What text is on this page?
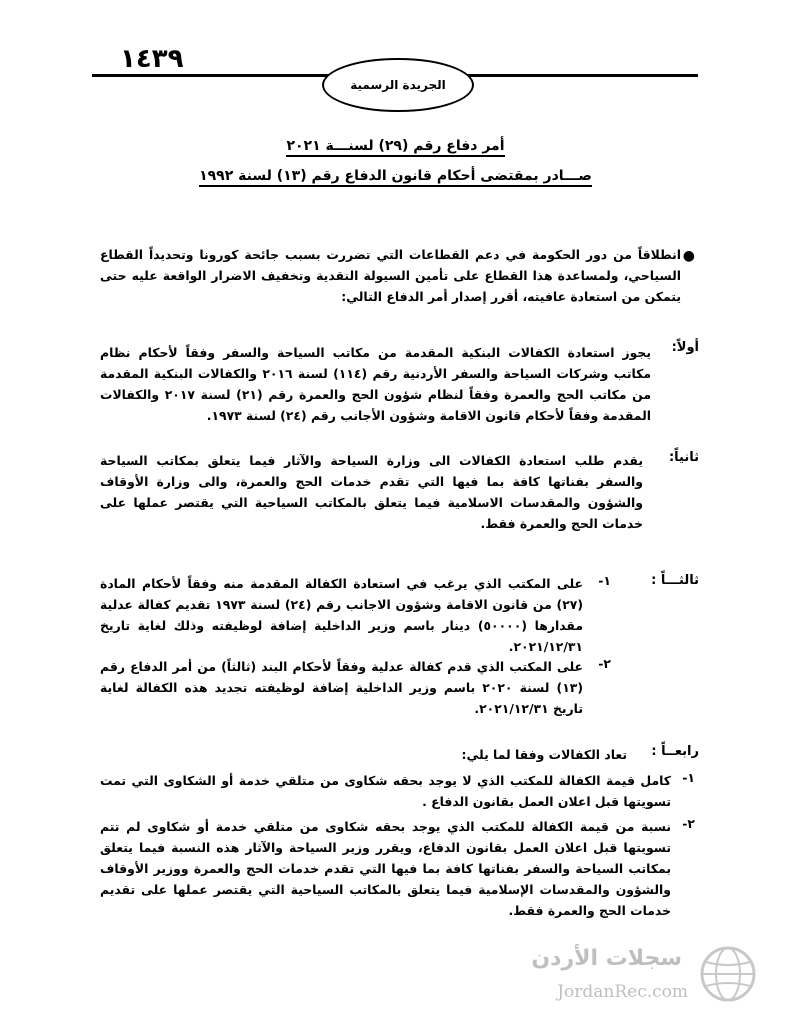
١٤٣٩
الجريدة الرسمية
أمر دفاع رقم (٢٩) لسنـــة ٢٠٢١
صـــادر بمقتضى أحكام قانون الدفاع رقم (١٣) لسنة ١٩٩٢
●
انطلاقاً من دور الحكومة في دعم القطاعات التي تضررت بسبب جائحة كورونا وتحديداً القطاع السياحي، ولمساعدة هذا القطاع على تأمين السيولة النقدية وتخفيف الاضرار الواقعة عليه حتى يتمكن من استعادة عافيته، أقرر إصدار أمر الدفاع التالي:
أولاً:
يجوز استعادة الكفالات البنكية المقدمة من مكاتب السياحة والسفر وفقاً لأحكام نظام مكاتب وشركات السياحة والسفر الأردنية رقم (١١٤) لسنة ٢٠١٦ والكفالات البنكية المقدمة من مكاتب الحج والعمرة وفقاً لنظام شؤون الحج والعمرة رقم (٢١) لسنة ٢٠١٧ والكفالات المقدمة وفقاً لأحكام قانون الاقامة وشؤون الأجانب رقم (٢٤) لسنة ١٩٧٣.
ثانياً:
يقدم طلب استعادة الكفالات الى وزارة السياحة والآثار فيما يتعلق بمكاتب السياحة والسفر بفناتها كافة بما فيها التي تقدم خدمات الحج والعمرة، والى وزارة الأوقاف والشؤون والمقدسات الاسلامية فيما يتعلق بالمكاتب السياحية التي يقتصر عملها على خدمات الحج والعمرة فقط.
ثالثـــاً :
١-
على المكتب الذي يرغب في استعادة الكفالة المقدمة منه وفقاً لأحكام المادة (٢٧) من قانون الاقامة وشؤون الاجانب رقم (٢٤) لسنة ١٩٧٣ تقديم كفالة عدلية مقدارها (٥٠٠٠٠) دينار باسم وزير الداخلية إضافة لوظيفته وذلك لغاية تاريخ ٢٠٢١/١٢/٣١.
٢-
على المكتب الذي قدم كفالة عدلية وفقاً لأحكام البند (ثالثاً) من أمر الدفاع رقم (١٣) لسنة ٢٠٢٠ باسم وزير الداخلية إضافة لوظيفته تجديد هذه الكفالة لغاية تاريخ ٢٠٢١/١٢/٣١.
رابعــاً :
تعاد الكفالات وفقا لما يلي:
١-
كامل قيمة الكفالة للمكتب الذي لا يوجد بحقه شكاوى من متلقي خدمة أو الشكاوى التي تمت تسويتها قبل اعلان العمل بقانون الدفاع .
٢-
نسبة من قيمة الكفالة للمكتب الذي يوجد بحقه شكاوى من متلقي خدمة أو شكاوى لم تتم تسويتها قبل اعلان العمل بقانون الدفاع، ويقرر وزير السياحة والآثار هذه النسبة فيما يتعلق بمكاتب السياحة والسفر بفناتها كافة بما فيها التي تقدم خدمات الحج والعمرة ووزير الأوقاف والشؤون والمقدسات الإسلامية فيما يتعلق بالمكاتب السياحية التي يقتصر عملها على تقديم خدمات الحج والعمرة فقط.
سجلات الأردن
JordanRec.com
